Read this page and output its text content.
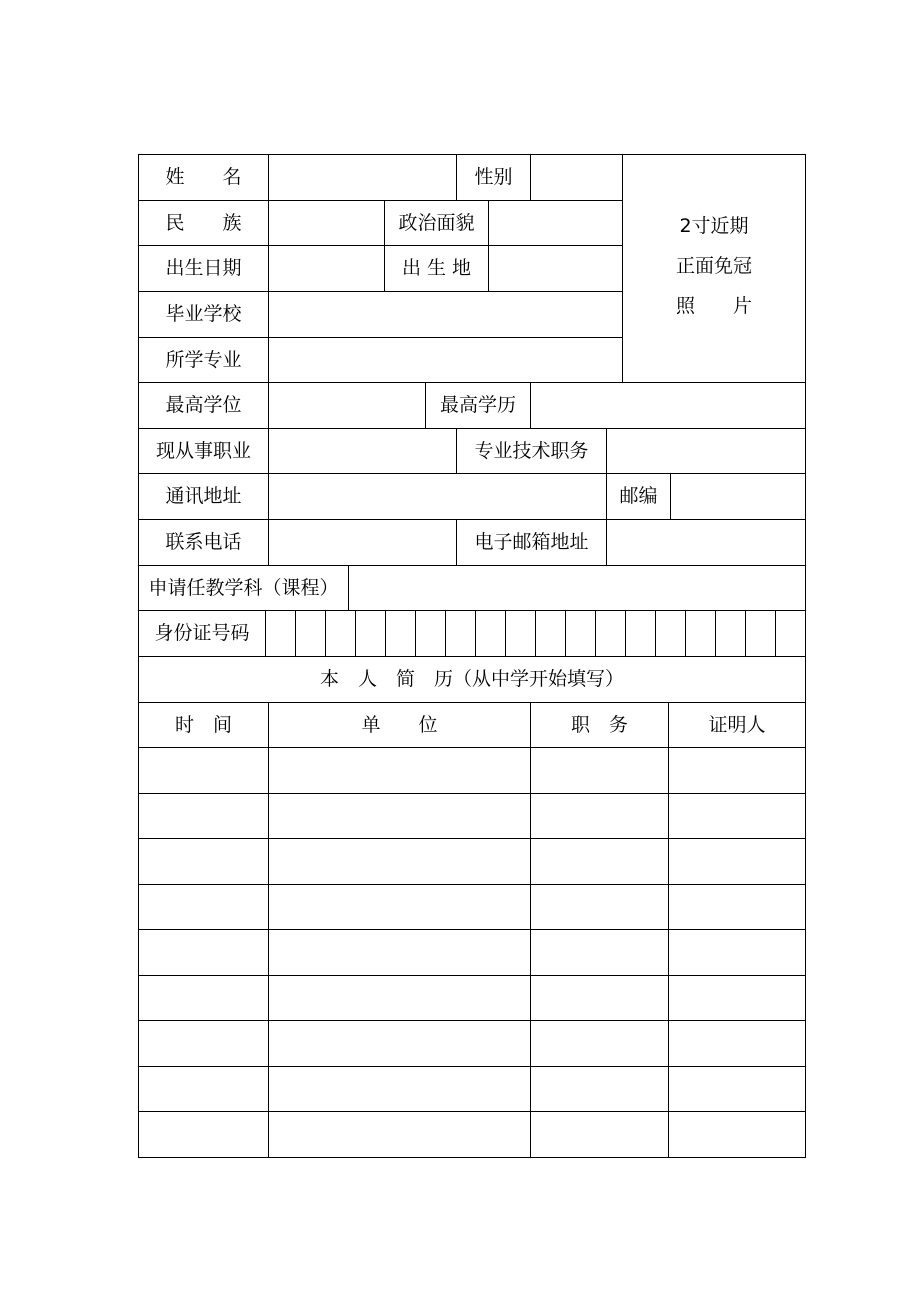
姓　　名	性别
民　　族	政治面貌
出生日期	出 生 地
毕业学校
所学专业
2寸近期
正面免冠
照　　片
最高学位	最高学历
现从事职业	专业技术职务
通讯地址	邮编
联系电话	电子邮箱地址
申请任教学科（课程）
身份证号码
本　人　简　历（从中学开始填写）
时　间	单　　位	职　务	证明人
